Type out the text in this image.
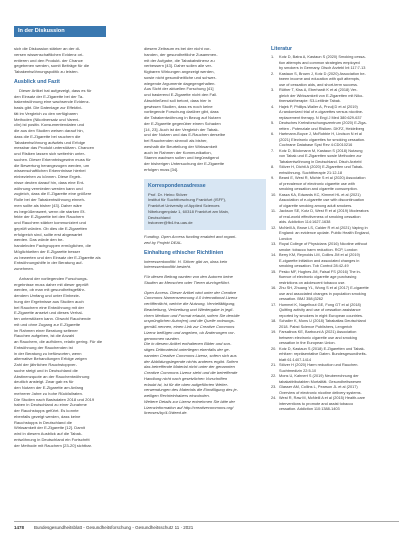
In der Diskussion
sich die Diskussion stärker an der di-
versen wissenschaftlichen Evidenz ori-
entieren und den Produkt- der Chance
gegebenen werden, somit Beiträge für die
Tabakentwöhnungspolitik zu leisten.
Ausblick und Fazit
Dieser Artikel hat aufgezeigt, dass es für
den Einsatz der E-Zigarette bei der Ta-
bakentwöhnung eine wachsende Evidenz-
basis gibt. Die Datenlage zur Effektivi-
tät im Vergleich zu den verfügbaren
Methoden (Nikotinersatz und Vareni-
clin) ist positiv. Konsumentendaten und
die aus den Studien weisen darauf hin,
dass die E-Zigarette bei rauchern die
Tabakentwöhnung aufwärts und Erfolge
messbar das Produkt unterstützen. Chancen
und Risiken lassen sich weiterhin unter-
suchen. Dieser Erkenntnisgewinn muss für
die Bewertung herangezogen werden, um
wissenschaftlichen Erkenntnisse hierbei
einbeziehen zu können. Diese Ergeb-
nisse deuten darauf hin, dass eine Ent-
wöhnung vermieden werden kann und
zugleich, dass die E-Zigarette eine größere
Rolle bei der Tabakentwöhnung einneh-
men sollte als bisher [43]. Daher wäre
es begrüßenswert, wenn die starken Ef-
fekte der E-Zigarette bei den Rauchern
und Rauchern stärker kommuniziert und
geprüft würden. Ob dies die E-Zigaretten
erfolgreich sind, sollte erst abgewartet
werden. Das würde den be-
handelnden Fachgruppen ermöglichen, die
Möglichkeiten der E-Zigarette besser
zu bewerten und den Einsatz der E-Zigarette als
Entwöhnungshilfe in der Beratung auf-
zunehmen.
Anhand der vorliegenden Forschungs-
ergebnisse muss daher mit dieser geprüft
werden, ob man mit gesundheitsgefähr-
dendem Umfang und unter Einbezie-
hung der Ergebnisse aus Studien auch
bei Rauchern eine Entwöhnung mit der
E-Zigarette ansetzt und dieses Verhal-
ten unterstützen kann. Obwohl Rauchende
mit und ohne Zugang zur E-Zigarette
im Rahmen einer Beratung seltener
Rauchen aufgeben, ist die Anzahl
an Rauchern, die aufhören, relativ gering. Für die
Entwöhnung der Rauchenden ist
in der Beratung zu befürworten, wenn
alternative Behandlungen Erfolge zeigen
Zahl der jährlichen Rauchstoppver-
suche steigt und in Deutschland die
Abstinenzquote an der Rauchentwöhnung
deutlich ansteigt. Zwar gab es für
den Nutzen der E-Zigarette am Anfang
mehrerer Jahre zu hohe Rückfallraten.
Die Studien nach Basisdaten 2018 und 2019
haben in Deutschland zu einer Zunahme
der Rauchstopps geführt. Es konnte
ebenfalls gezeigt werden, dass keine
Rauchstopps in Deutschland die
Wirksamkeit der E-Zigarette [12]. Damit
wird in diesem Ausblick auf die Tabak-
entwöhnung in Deutschland ein Fortschritt
der Methode mit Rauchern [23-20] sichtbar.
diesem Zeitraum es bei der nicht vor-
handen, der gesundheitliche Zusammen-
mit der Aufgabe, die Tabakabstinenz zu
verbessern [43]. Daher sollen alle ver-
fügbaren Wirkungen angezeigt werden,
sowie nicht gesundheitliche und schwer-
wiegende Argumente dagegengehalten.
Aus Sicht der aktuellen Forschung [41]
und basierend E-Zigarette nicht den Fall.
Abschließend soll betont, dass hier in
gewissen Studien, dass es noch keine
vorliegende Forschung darüber gibt, dass
die Tabakentwöhnung in Bezug auf Nutzen
der E-Zigarette gegenüber einem Schaden
[14, 23]. Auch ist der Vergleich der Tabak-
und der Nutzen und das E-Rauchen derselbe
bei Rauchenden sinnvoll als bisher,
weshalb die Beurteilung der Wirksamkeit
auch im Rahmen der Kommunikation,
Stamm wachsen sollen und begünstigend
der bisherigen Untersuchung der E-Zigarette
erfolgen muss [34].
Korrespondenzadresse
Prof. Dr. Heino Stöver
Institut für Suchtforschung Frankfurt (ISFF),
Frankfurt University of Applied Sciences
Nibelungenplatz 1, 60318 Frankfurt am Main,
Deutschland
hstoever@fb4.fra-uas.de
Funding. Open Access funding enabled and organi-
zed by Projekt DEAL.
Einhaltung ethischer Richtlinien
Interessenkonflikt. H. Stöver gibt an, dass kein
Interessenkonflikt besteht.
Für diesen Beitrag wurden von den Autoren keine
Studien an Menschen oder Tieren durchgeführt.
Open Access. Dieser Artikel wird unter der Creative
Commons Namensnennung 4.0 International Lizenz
veröffentlicht, welche die Nutzung, Vervielfältigung,
Bearbeitung, Verbreitung und Wiedergabe in jegli-
chem Medium und Format erlaubt, sofern Sie den/die
ursprünglichen Autor(en) und die Quelle ordnungs-
gemäß nennen, einen Link zur Creative Commons
Lizenz beifügen und angeben, ob Änderungen vor-
genommen wurden.
Die in diesem Artikel enthaltenen Bilder und son-
stiges Drittmaterial unterliegen ebenfalls der ge-
nannten Creative Commons Lizenz, sofern sich aus
der Abbildungslegende nichts anderes ergibt. Sofern
das betreffende Material nicht unter der genannten
Creative Commons Lizenz steht und die betreffende
Handlung nicht nach gesetzlichen Vorschriften
erlaubt ist, ist für die oben aufgeführten Weiter-
verwendungen des Materials die Einwilligung des je-
weiligen Rechteinhabers einzuholen.
Weitere Details zur Lizenz entnehmen Sie bitte der
Lizenzinformation auf http://creativecommons.org/
licenses/by/4.0/deed.de.
Literatur
1.	Kotz D, Batra A, Kastaun S (2020) Smoking cessa-
tion attempts and common strategies employed
by smokers in Germany. Dtsch Arztebl Int 117:7-13
2.	Kastaun S, Brown J, Kotz D (2020) Association be-
tween income and education with quit attempts,
use of cessation aids, and short-term success.
3.	Rüther T, Kiss A, Eberhardt K et al (2018) Ver-
gleich der Wirksamkeit von E-Zigaretten mit Niko-
tinersatztherapie: S3-Leitlinie Tabak.
4.	Hajek P, Phillips-Waller A, Przulj D et al (2019)
A randomized trial of e-cigarettes versus nicotine-
replacement therapy. N Engl J Med 380:629-637
5.	Deutsches Krebsforschungszentrum (2020) E-Ziga-
retten - Potenziale und Risiken. DKFZ, Heidelberg
6.	Hartmann-Boyce J, McRobbie H, Lindson N et al
(2021) Electronic cigarettes for smoking cessation.
Cochrane Database Syst Rev 4:CD010216
7.	Kotz D, Böckmann M, Kastaun S (2018) Nutzung
von Tabak und E-Zigaretten sowie Methoden zur
Tabakentwöhnung in Deutschland. Dtsch Arztebl
8.	Stöver H, Dichtl A (2020) E-Zigaretten und Tabak-
entwöhnung. Suchttherapie 21:12-18
9.	Beard E, West R, Michie S et al (2020) Association
of prevalence of electronic cigarette use with
smoking cessation and cigarette consumption.
10. Kasza KA, Edwards KC, Kimmel HL et al (2021)
Association of e-cigarette use with discontinuation
of cigarette smoking among adult smokers.
11. Jackson SE, Kotz D, West R et al (2019) Moderators
of real-world effectiveness of smoking cessation
aids. Addiction 114:1627-1638
12. McNeill A, Brose LS, Calder R et al (2021) Vaping in
England: an evidence update. Public Health England,
London
13. Royal College of Physicians (2016) Nicotine without
smoke: tobacco harm reduction. RCP, London
14. Berry KM, Reynolds LM, Collins JM et al (2019)
E-cigarette initiation and associated changes in
smoking cessation. Tob Control 28:42-49
15. Pesko MF, Hughes JM, Faisal FS (2016) The in-
fluence of electronic cigarette age purchasing
restrictions on adolescent tobacco use.
16. Zhu SH, Zhuang YL, Wong S et al (2017) E-cigarette
use and associated changes in population smoking
cessation. BMJ 358:j3262
17. Hummel K, Nagelhout GE, Fong GT et al (2018)
Quitting activity and use of cessation assistance
reported by smokers in eight European countries.
18. Schaller K, Mons U (2018) Tabakatlas Deutschland
2018. Pabst Science Publishers, Lengerich
19. Farsalinos KE, Barbouni A (2021) Association
between electronic cigarette use and smoking
cessation in the European Union.
20. Kotz D, Kastaun S (2018) E-Zigaretten und Tabak-
erhitzer: repräsentative Daten. Bundesgesundheits-
blatt 61:1407-1414
21. Stöver H (2020) Harm reduction und Rauchen.
Suchtmedizin 22:5-10
22. Mons U, Kahnert S (2019) Neuberechnung der
tabakattributablen Mortalität. Gesundheitswesen
23. Glasser AM, Collins L, Pearson JL et al (2017)
Overview of electronic nicotine delivery systems.
24. West R, Raw M, McNeill A et al (2015) Health-care
interventions to promote and assist tobacco
cessation. Addiction 110:1388-1403
1478 Bundesgesundheitsblatt - Gesundheitsforschung - Gesundheitsschutz 11 · 2021
